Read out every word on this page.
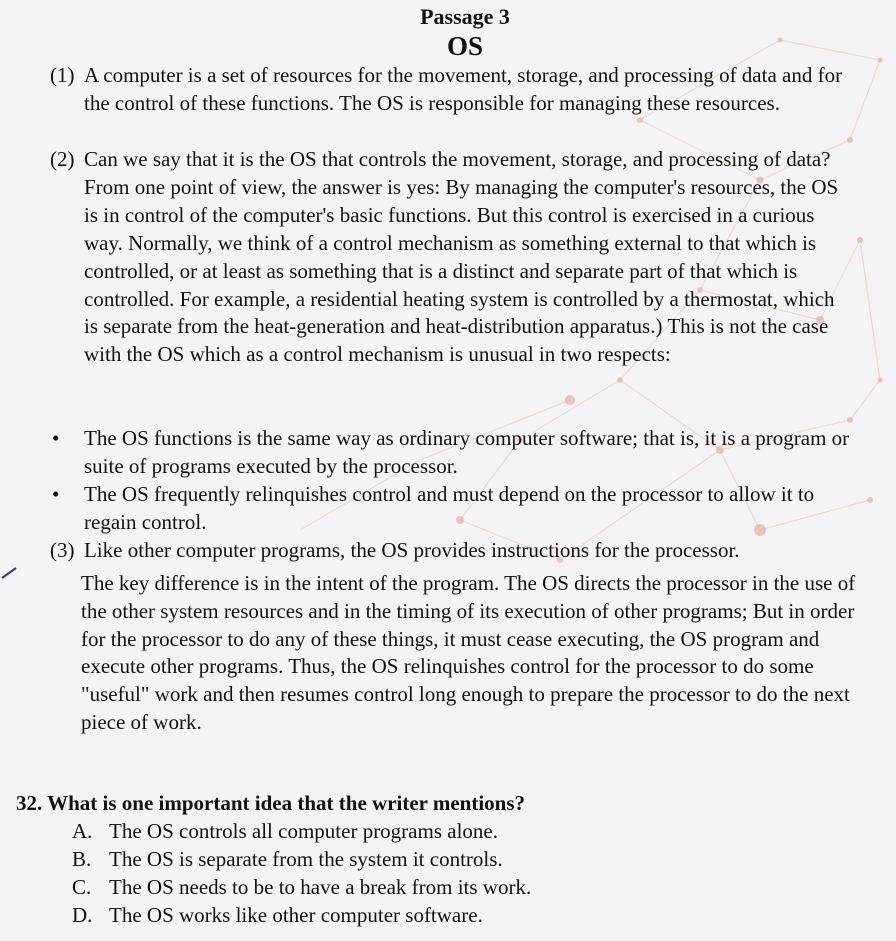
Passage 3
OS
(1) A computer is a set of resources for the movement, storage, and processing of data and for the control of these functions. The OS is responsible for managing these resources.
(2) Can we say that it is the OS that controls the movement, storage, and processing of data? From one point of view, the answer is yes: By managing the computer's resources, the OS is in control of the computer's basic functions. But this control is exercised in a curious way. Normally, we think of a control mechanism as something external to that which is controlled, or at least as something that is a distinct and separate part of that which is controlled. For example, a residential heating system is controlled by a thermostat, which is separate from the heat-generation and heat-distribution apparatus.) This is not the case with the OS which as a control mechanism is unusual in two respects:
• The OS functions is the same way as ordinary computer software; that is, it is a program or suite of programs executed by the processor.
• The OS frequently relinquishes control and must depend on the processor to allow it to regain control.
(3) Like other computer programs, the OS provides instructions for the processor.
The key difference is in the intent of the program. The OS directs the processor in the use of the other system resources and in the timing of its execution of other programs; But in order for the processor to do any of these things, it must cease executing, the OS program and execute other programs. Thus, the OS relinquishes control for the processor to do some "useful" work and then resumes control long enough to prepare the processor to do the next piece of work.
32. What is one important idea that the writer mentions?
A. The OS controls all computer programs alone.
B. The OS is separate from the system it controls.
C. The OS needs to be to have a break from its work.
D. The OS works like other computer software.
